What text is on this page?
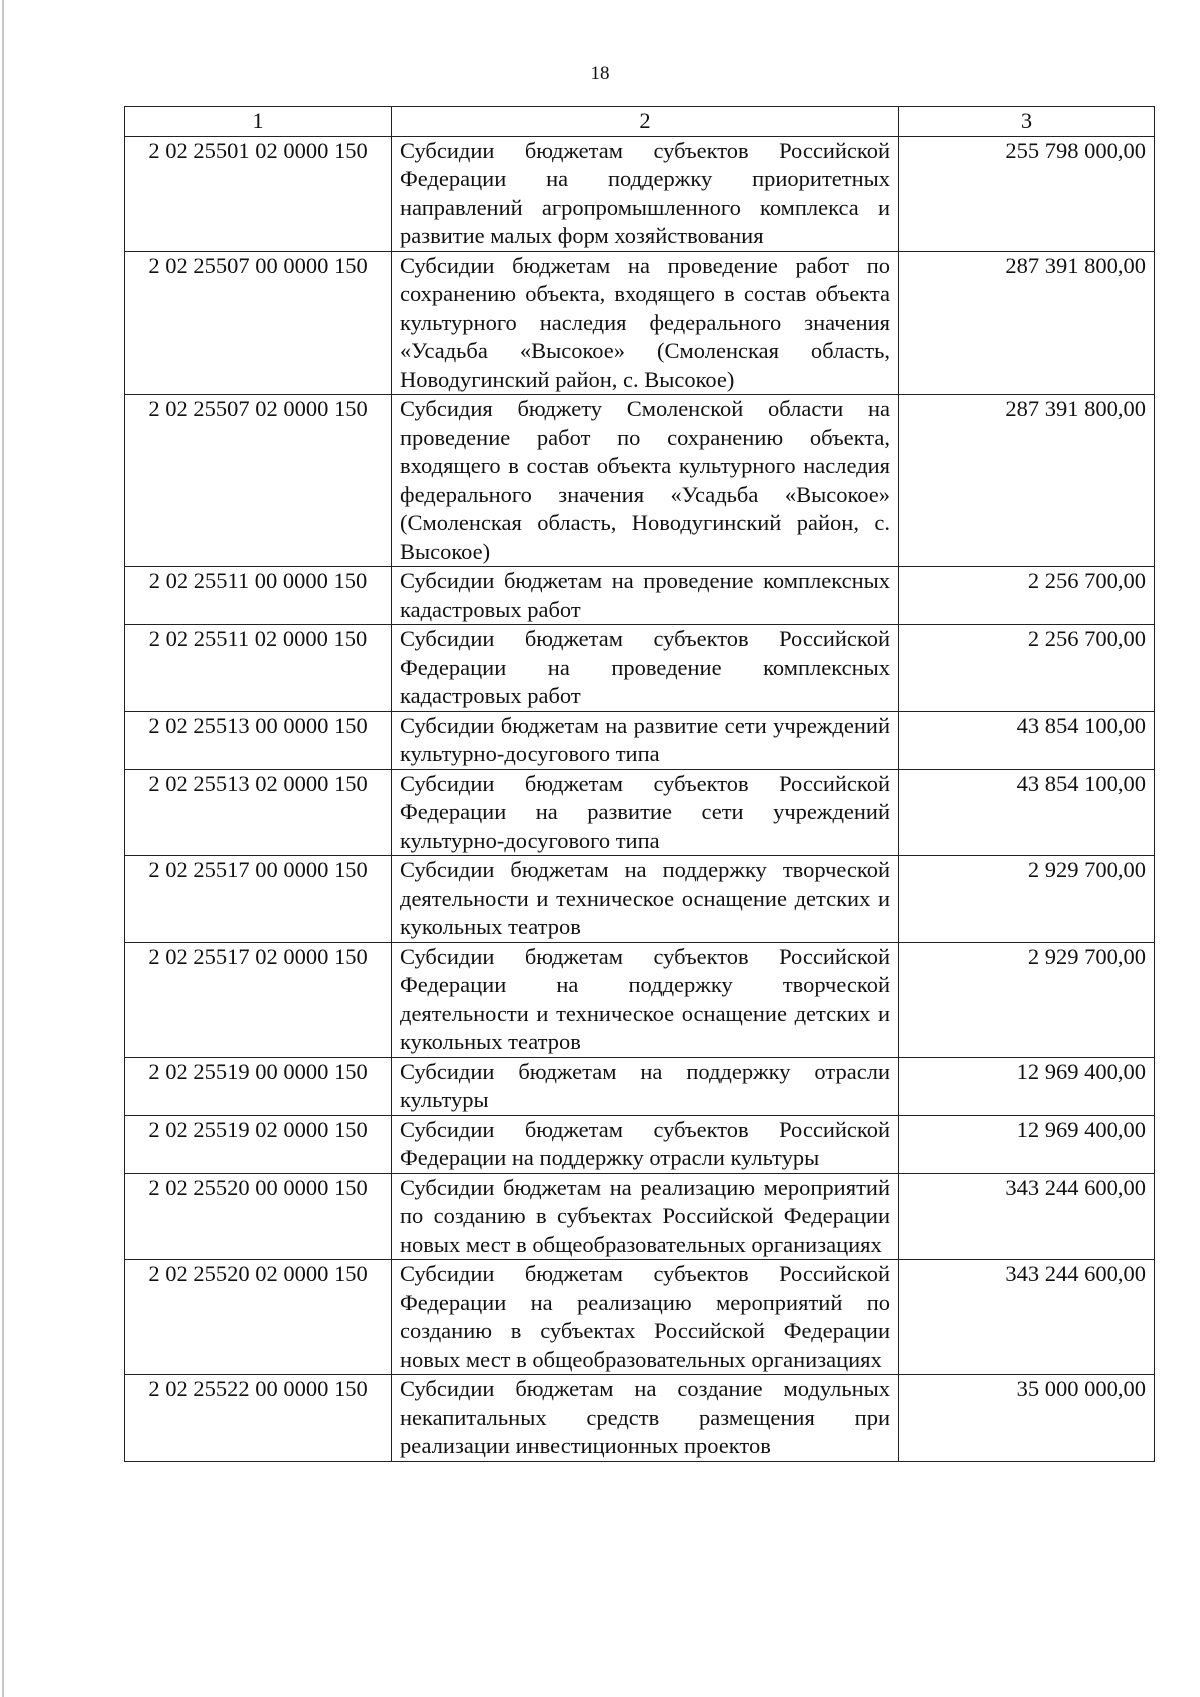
18
1	2	3
2 02 25501 02 0000 150	Субсидии бюджетам субъектов Российской Федерации на поддержку приоритетных направлений агропромышленного комплекса и развитие малых форм хозяйствования	255 798 000,00
2 02 25507 00 0000 150	Субсидии бюджетам на проведение работ по сохранению объекта, входящего в состав объекта культурного наследия федерального значения «Усадьба «Высокое» (Смоленская область, Новодугинский район, с. Высокое)	287 391 800,00
2 02 25507 02 0000 150	Субсидия бюджету Смоленской области на проведение работ по сохранению объекта, входящего в состав объекта культурного наследия федерального значения «Усадьба «Высокое» (Смоленская область, Новодугинский район, с. Высокое)	287 391 800,00
2 02 25511 00 0000 150	Субсидии бюджетам на проведение комплексных кадастровых работ	2 256 700,00
2 02 25511 02 0000 150	Субсидии бюджетам субъектов Российской Федерации на проведение комплексных кадастровых работ	2 256 700,00
2 02 25513 00 0000 150	Субсидии бюджетам на развитие сети учреждений культурно-досугового типа	43 854 100,00
2 02 25513 02 0000 150	Субсидии бюджетам субъектов Российской Федерации на развитие сети учреждений культурно-досугового типа	43 854 100,00
2 02 25517 00 0000 150	Субсидии бюджетам на поддержку творческой деятельности и техническое оснащение детских и кукольных театров	2 929 700,00
2 02 25517 02 0000 150	Субсидии бюджетам субъектов Российской Федерации на поддержку творческой деятельности и техническое оснащение детских и кукольных театров	2 929 700,00
2 02 25519 00 0000 150	Субсидии бюджетам на поддержку отрасли культуры	12 969 400,00
2 02 25519 02 0000 150	Субсидии бюджетам субъектов Российской Федерации на поддержку отрасли культуры	12 969 400,00
2 02 25520 00 0000 150	Субсидии бюджетам на реализацию мероприятий по созданию в субъектах Российской Федерации новых мест в общеобразовательных организациях	343 244 600,00
2 02 25520 02 0000 150	Субсидии бюджетам субъектов Российской Федерации на реализацию мероприятий по созданию в субъектах Российской Федерации новых мест в общеобразовательных организациях	343 244 600,00
2 02 25522 00 0000 150	Субсидии бюджетам на создание модульных некапитальных средств размещения при реализации инвестиционных проектов	35 000 000,00
